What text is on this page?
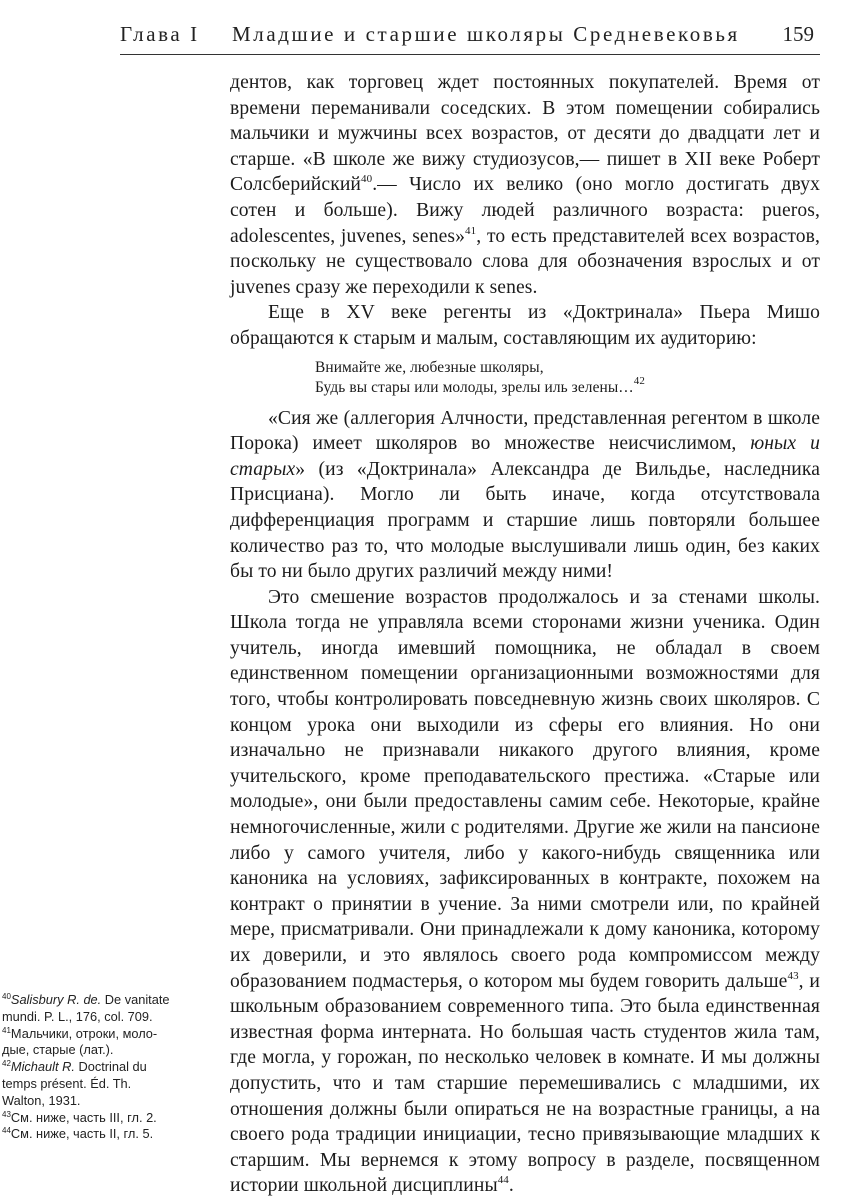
Глава I Младшие и старшие школяры Средневековья 159

дентов, как торговец ждет постоянных покупателей. Время от времени переманивали соседских. В этом помещении собирались мальчики и мужчины всех возрастов, от десяти до двадцати лет и старше. «В школе же вижу студиозусов,— пишет в XII веке Роберт Солсберийский$^{40}$.— Число их велико (оно могло достигать двух сотен и больше). Вижу людей различного возраста: pueros, adolescentes, juvenes, senes»$^{41}$, то есть представителей всех возрастов, поскольку не существовало слова для обозначения взрослых и от juvenes сразу же переходили к senes.

Еще в XV веке регенты из «Доктринала» Пьера Мишо обращаются к старым и малым, составляющим их аудиторию:

Внимайте же, любезные школяры,
Будь вы стары или молоды, зрелы иль зелены…$^{42}$

«Сия же (аллегория Алчности, представленная регентом в школе Порока) имеет школяров во множестве неисчислимом, юных и старых» (из «Доктринала» Александра де Вильдье, наследника Присциана). Могло ли быть иначе, когда отсутствовала дифференциация программ и старшие лишь повторяли большее количество раз то, что молодые выслушивали лишь один, без каких бы то ни было других различий между ними!

Это смешение возрастов продолжалось и за стенами школы. Школа тогда не управляла всеми сторонами жизни ученика. Один учитель, иногда имевший помощника, не обладал в своем единственном помещении организационными возможностями для того, чтобы контролировать повседневную жизнь своих школяров. С концом урока они выходили из сферы его влияния. Но они изначально не признавали никакого другого влияния, кроме учительского, кроме преподавательского престижа. «Старые или молодые», они были предоставлены самим себе. Некоторые, крайне немногочисленные, жили с родителями. Другие же жили на пансионе либо у самого учителя, либо у какого-нибудь священника или каноника на условиях, зафиксированных в контракте, похожем на контракт о принятии в учение. За ними смотрели или, по крайней мере, присматривали. Они принадлежали к дому каноника, которому их доверили, и это являлось своего рода компромиссом между образованием подмастерья, о котором мы будем говорить дальше$^{43}$, и школьным образованием современного типа. Это была единственная известная форма интерната. Но большая часть студентов жила там, где могла, у горожан, по несколько человек в комнате. И мы должны допустить, что и там старшие перемешивались с младшими, их отношения должны были опираться не на возрастные границы, а на своего рода традиции инициации, тесно привязывающие младших к старшим. Мы вернемся к этому вопросу в разделе, посвященном истории школьной дисциплины$^{44}$.

$^{40}$Salisbury R. de. De vanitate
mundi. P. L., 176, col. 709.
$^{41}$Мальчики, отроки, моло-
дые, старые (лат.).
$^{42}$Michault R. Doctrinal du
temps présent. Éd. Th.
Walton, 1931.
$^{43}$См. ниже, часть III, гл. 2.
$^{44}$См. ниже, часть II, гл. 5.
